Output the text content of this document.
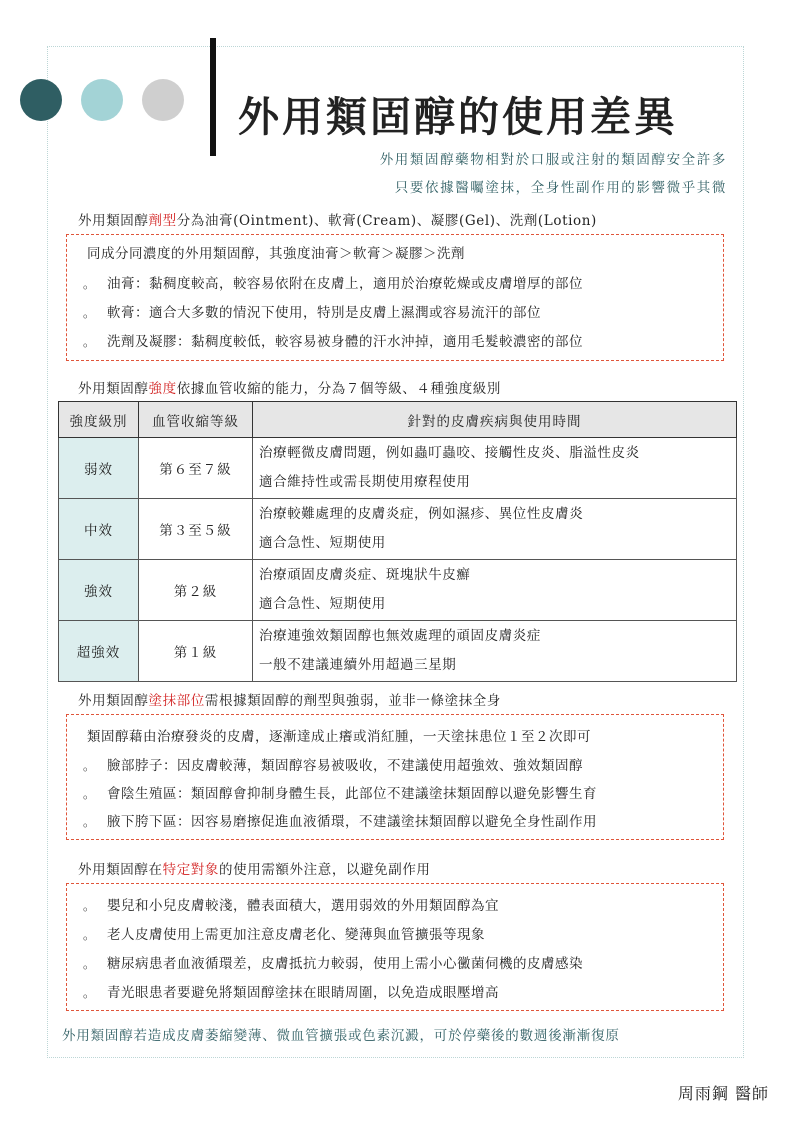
外用類固醇的使用差異
外用類固醇藥物相對於口服或注射的類固醇安全許多
只要依據醫囑塗抹，全身性副作用的影響微乎其微
外用類固醇劑型分為油膏(Ointment)、軟膏(Cream)、凝膠(Gel)、洗劑(Lotion)
同成分同濃度的外用類固醇，其強度油膏＞軟膏＞凝膠＞洗劑
。 油膏：黏稠度較高，較容易依附在皮膚上，適用於治療乾燥或皮膚增厚的部位
。 軟膏：適合大多數的情況下使用，特別是皮膚上濕潤或容易流汗的部位
。 洗劑及凝膠：黏稠度較低，較容易被身體的汗水沖掉，適用毛髮較濃密的部位
外用類固醇強度依據血管收縮的能力，分為７個等級、４種強度級別
強度級別	血管收縮等級	針對的皮膚疾病與使用時間
弱效	第６至７級	治療輕微皮膚問題，例如蟲叮蟲咬、接觸性皮炎、脂溢性皮炎
適合維持性或需長期使用療程使用

中效	第３至５級	治療較難處理的皮膚炎症，例如濕疹、異位性皮膚炎
適合急性、短期使用

強效	第２級	治療頑固皮膚炎症、斑塊狀牛皮癬
適合急性、短期使用

超強效	第１級	治療連強效類固醇也無效處理的頑固皮膚炎症
一般不建議連續外用超過三星期
外用類固醇塗抹部位需根據類固醇的劑型與強弱，並非一條塗抹全身
類固醇藉由治療發炎的皮膚，逐漸達成止癢或消紅腫，一天塗抹患位１至２次即可
。 臉部脖子：因皮膚較薄，類固醇容易被吸收，不建議使用超強效、強效類固醇
。 會陰生殖區：類固醇會抑制身體生長，此部位不建議塗抹類固醇以避免影響生育
。 腋下胯下區：因容易磨擦促進血液循環，不建議塗抹類固醇以避免全身性副作用
外用類固醇在特定對象的使用需額外注意，以避免副作用
。 嬰兒和小兒皮膚較淺，體表面積大，選用弱效的外用類固醇為宜
。 老人皮膚使用上需更加注意皮膚老化、變薄與血管擴張等現象
。 糖尿病患者血液循環差，皮膚抵抗力較弱，使用上需小心黴菌伺機的皮膚感染
。 青光眼患者要避免將類固醇塗抹在眼睛周圍，以免造成眼壓增高
外用類固醇若造成皮膚萎縮變薄、微血管擴張或色素沉澱，可於停藥後的數週後漸漸復原
周雨鋼 醫師
